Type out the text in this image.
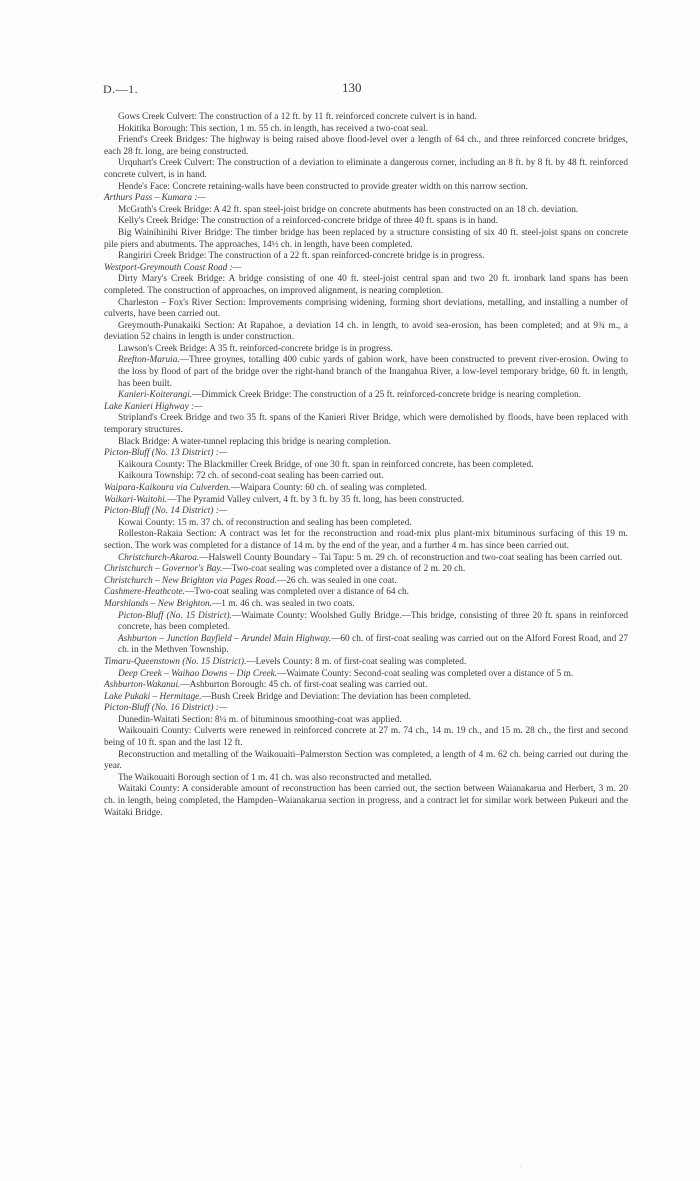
D.—1.	130

Gows Creek Culvert: The construction of a 12 ft. by 11 ft. reinforced concrete culvert is in hand.

Hokitika Borough: This section, 1 m. 55 ch. in length, has received a two-coat seal.

Friend's Creek Bridges: The highway is being raised above flood-level over a length of 64 ch., and three reinforced concrete bridges, each 28 ft. long, are being constructed.

Urquhart's Creek Culvert: The construction of a deviation to eliminate a dangerous corner, including an 8 ft. by 8 ft. by 48 ft. reinforced concrete culvert, is in hand.

Hende's Face: Concrete retaining-walls have been constructed to provide greater width on this narrow section.

Arthurs Pass – Kumara :—

McGrath's Creek Bridge: A 42 ft. span steel-joist bridge on concrete abutments has been constructed on an 18 ch. deviation.

Kelly's Creek Bridge: The construction of a reinforced-concrete bridge of three 40 ft. spans is in hand.

Big Wainihinihi River Bridge: The timber bridge has been replaced by a structure consisting of six 40 ft. steel-joist spans on concrete pile piers and abutments. The approaches, 14½ ch. in length, have been completed.

Rangiriri Creek Bridge: The construction of a 22 ft. span reinforced-concrete bridge is in progress.

Westport-Greymouth Coast Road :—

Dirty Mary's Creek Bridge: A bridge consisting of one 40 ft. steel-joist central span and two 20 ft. ironbark land spans has been completed. The construction of approaches, on improved alignment, is nearing completion.

Charleston – Fox's River Section: Improvements comprising widening, forming short deviations, metalling, and installing a number of culverts, have been carried out.

Greymouth-Punakaiki Section: At Rapahoe, a deviation 14 ch. in length, to avoid sea-erosion, has been completed; and at 9¾ m., a deviation 52 chains in length is under construction.

Lawson's Creek Bridge: A 35 ft. reinforced-concrete bridge is in progress.

Reefton-Maruia.—Three groynes, totalling 400 cubic yards of gabion work, have been constructed to prevent river-erosion. Owing to the loss by flood of part of the bridge over the right-hand branch of the Inangahua River, a low-level temporary bridge, 60 ft. in length, has been built.

Kanieri-Koiterangi.—Dimmick Creek Bridge: The construction of a 25 ft. reinforced-concrete bridge is nearing completion.

Lake Kanieri Highway :—

Stripland's Creek Bridge and two 35 ft. spans of the Kanieri River Bridge, which were demolished by floods, have been replaced with temporary structures.

Black Bridge: A water-tunnel replacing this bridge is nearing completion.

Picton-Bluff (No. 13 District) :—

Kaikoura County: The Blackmiller Creek Bridge, of one 30 ft. span in reinforced concrete, has been completed.

Kaikoura Township: 72 ch. of second-coat sealing has been carried out.

Waipara-Kaikoura via Culverden.—Waipara County: 60 ch. of sealing was completed.

Waikari-Waitohi.—The Pyramid Valley culvert, 4 ft. by 3 ft. by 35 ft. long, has been constructed.

Picton-Bluff (No. 14 District) :—

Kowai County: 15 m. 37 ch. of reconstruction and sealing has been completed.

Rolleston-Rakaia Section: A contract was let for the reconstruction and road-mix plus plant-mix bituminous surfacing of this 19 m. section. The work was completed for a distance of 14 m. by the end of the year, and a further 4 m. has since been carried out.

Christchurch-Akaroa.—Halswell County Boundary – Tai Tapu: 5 m. 29 ch. of reconstruction and two-coat sealing has been carried out.

Christchurch – Governor's Bay.—Two-coat sealing was completed over a distance of 2 m. 20 ch.

Christchurch – New Brighton via Pages Road.—26 ch. was sealed in one coat.

Cashmere-Heathcote.—Two-coat sealing was completed over a distance of 64 ch.

Marshlands – New Brighton.—1 m. 46 ch. was sealed in two coats.

Picton-Bluff (No. 15 District).—Waimate County: Woolshed Gully Bridge.—This bridge, consisting of three 20 ft. spans in reinforced concrete, has been completed.

Ashburton – Junction Bayfield – Arundel Main Highway.—60 ch. of first-coat sealing was carried out on the Alford Forest Road, and 27 ch. in the Methven Township.

Timaru-Queenstown (No. 15 District).—Levels County: 8 m. of first-coat sealing was completed.

Deep Creek – Waihao Downs – Dip Creek.—Waimate County: Second-coat sealing was completed over a distance of 5 m.

Ashburton-Wakanui.—Ashburton Borough: 45 ch. of first-coat sealing was carried out.

Lake Pukaki – Hermitage.—Bush Creek Bridge and Deviation: The deviation has been completed.

Picton-Bluff (No. 16 District) :—

Dunedin-Waitati Section: 8¼ m. of bituminous smoothing-coat was applied.

Waikouaiti County: Culverts were renewed in reinforced concrete at 27 m. 74 ch., 14 m. 19 ch., and 15 m. 28 ch., the first and second being of 10 ft. span and the last 12 ft.

Reconstruction and metalling of the Waikouaiti–Palmerston Section was completed, a length of 4 m. 62 ch. being carried out during the year.

The Waikouaiti Borough section of 1 m. 41 ch. was also reconstructed and metalled.

Waitaki County: A considerable amount of reconstruction has been carried out, the section between Waianakarua and Herbert, 3 m. 20 ch. in length, being completed, the Hampden–Waianakarua section in progress, and a contract let for similar work between Pukeuri and the Waitaki Bridge.

·
